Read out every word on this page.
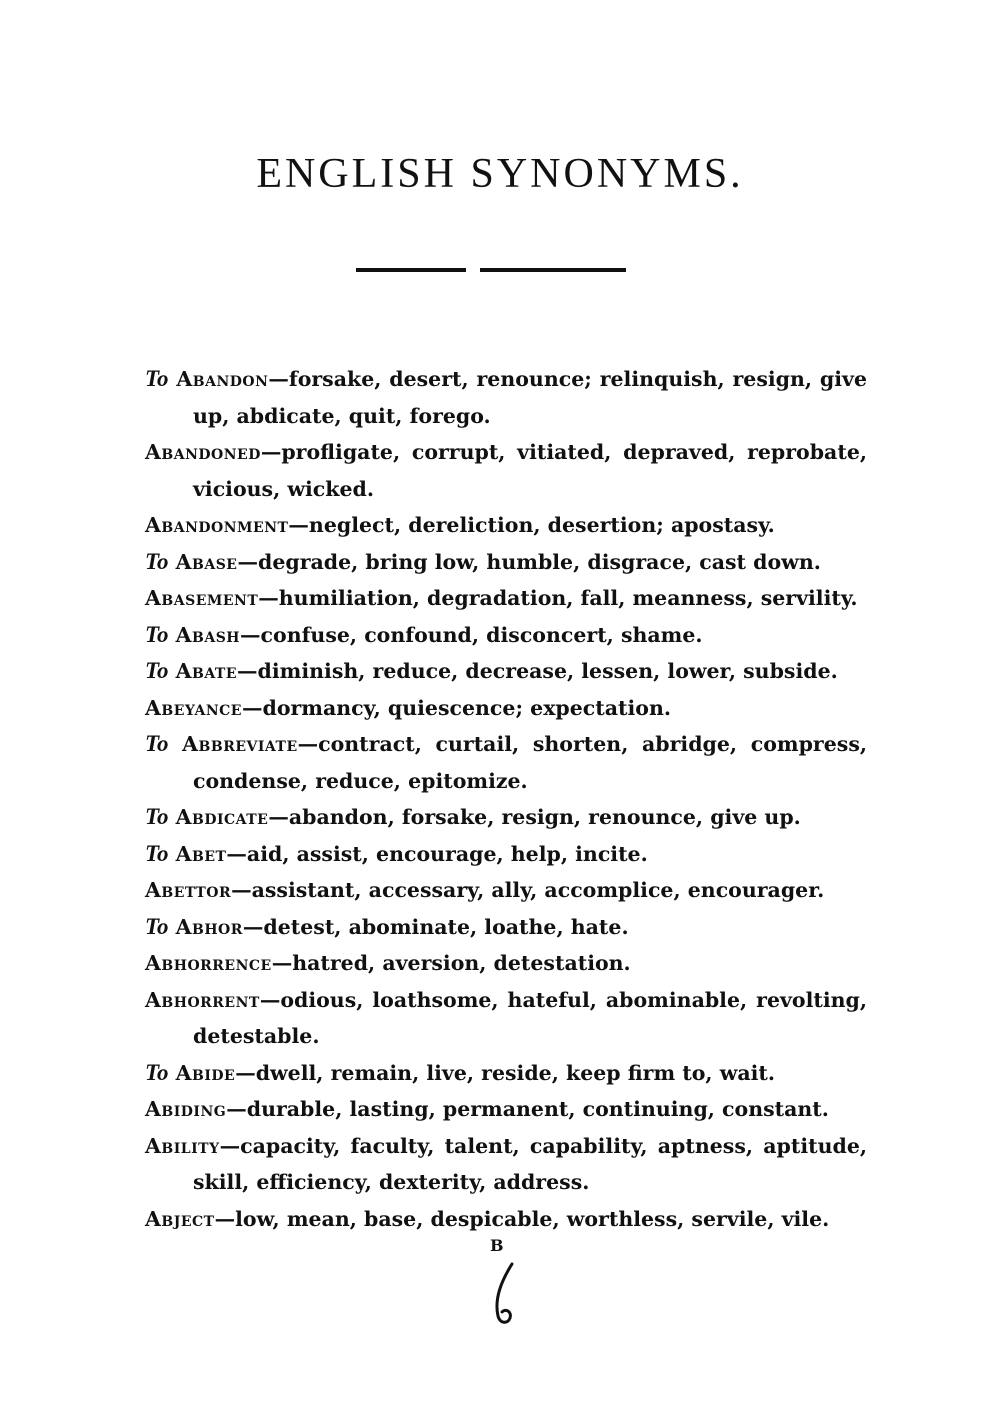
ENGLISH SYNONYMS.

To Abandon—forsake, desert, renounce; relinquish, resign, give up, abdicate, quit, forego.

Abandoned—profligate, corrupt, vitiated, depraved, reprobate, vicious, wicked.

Abandonment—neglect, dereliction, desertion; apostasy.

To Abase—degrade, bring low, humble, disgrace, cast down.

Abasement—humiliation, degradation, fall, meanness, servility.

To Abash—confuse, confound, disconcert, shame.

To Abate—diminish, reduce, decrease, lessen, lower, subside.

Abeyance—dormancy, quiescence; expectation.

To Abbreviate—contract, curtail, shorten, abridge, compress, condense, reduce, epitomize.

To Abdicate—abandon, forsake, resign, renounce, give up.

To Abet—aid, assist, encourage, help, incite.

Abettor—assistant, accessary, ally, accomplice, encourager.

To Abhor—detest, abominate, loathe, hate.

Abhorrence—hatred, aversion, detestation.

Abhorrent—odious, loathsome, hateful, abominable, revolting, detestable.

To Abide—dwell, remain, live, reside, keep firm to, wait.

Abiding—durable, lasting, permanent, continuing, constant.

Ability—capacity, faculty, talent, capability, aptness, aptitude, skill, efficiency, dexterity, address.

Abject—low, mean, base, despicable, worthless, servile, vile.

B
